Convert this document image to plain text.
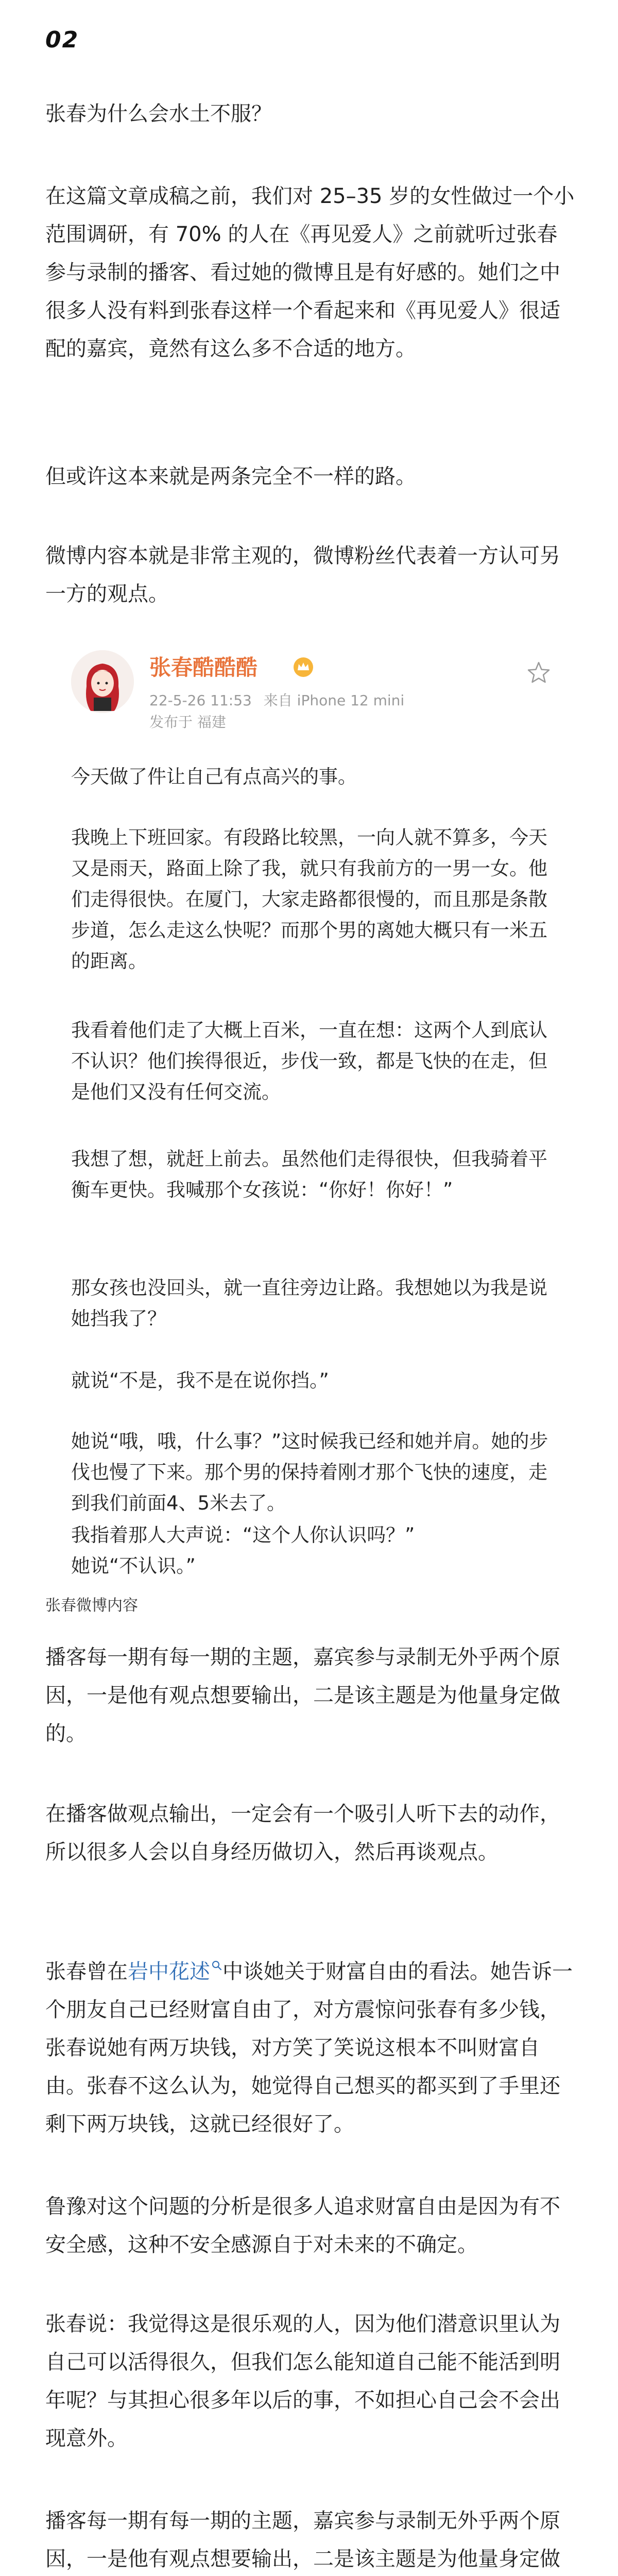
02

张春为什么会水土不服？

在这篇文章成稿之前，我们对 25–35 岁的女性做过一个小范围调研，有 70% 的人在《再见爱人》之前就听过张春参与录制的播客、看过她的微博且是有好感的。她们之中很多人没有料到张春这样一个看起来和《再见爱人》很适配的嘉宾，竟然有这么多不合适的地方。

但或许这本来就是两条完全不一样的路。

微博内容本就是非常主观的，微博粉丝代表着一方认可另一方的观点。

张春酷酷酷
22-5-26 11:53 来自 iPhone 12 mini
发布于 福建

今天做了件让自己有点高兴的事。

我晚上下班回家。有段路比较黑，一向人就不算多，今天又是雨天，路面上除了我，就只有我前方的一男一女。他们走得很快。在厦门，大家走路都很慢的，而且那是条散步道，怎么走这么快呢？而那个男的离她大概只有一米五的距离。

我看着他们走了大概上百米，一直在想：这两个人到底认不认识？他们挨得很近，步伐一致，都是飞快的在走，但是他们又没有任何交流。

我想了想，就赶上前去。虽然他们走得很快，但我骑着平衡车更快。我喊那个女孩说：“你好！你好！”

那女孩也没回头，就一直往旁边让路。我想她以为我是说她挡我了？

就说“不是，我不是在说你挡。”

她说“哦，哦，什么事？”这时候我已经和她并肩。她的步伐也慢了下来。那个男的保持着刚才那个飞快的速度，走到我们前面4、5米去了。

我指着那人大声说：“这个人你认识吗？”

她说“不认识。”

张春微博内容

播客每一期有每一期的主题，嘉宾参与录制无外乎两个原因，一是他有观点想要输出，二是该主题是为他量身定做的。

在播客做观点输出，一定会有一个吸引人听下去的动作，所以很多人会以自身经历做切入，然后再谈观点。

张春曾在岩中花述 中谈她关于财富自由的看法。她告诉一个朋友自己已经财富自由了，对方震惊问张春有多少钱，张春说她有两万块钱，对方笑了笑说这根本不叫财富自由。张春不这么认为，她觉得自己想买的都买到了手里还剩下两万块钱，这就已经很好了。

鲁豫对这个问题的分析是很多人追求财富自由是因为有不安全感，这种不安全感源自于对未来的不确定。

张春说：我觉得这是很乐观的人，因为他们潜意识里认为自己可以活得很久，但我们怎么能知道自己能不能活到明年呢？与其担心很多年以后的事，不如担心自己会不会出现意外。

播客每一期有每一期的主题，嘉宾参与录制无外乎两个原因，一是他有观点想要输出，二是该主题是为他量身定做
